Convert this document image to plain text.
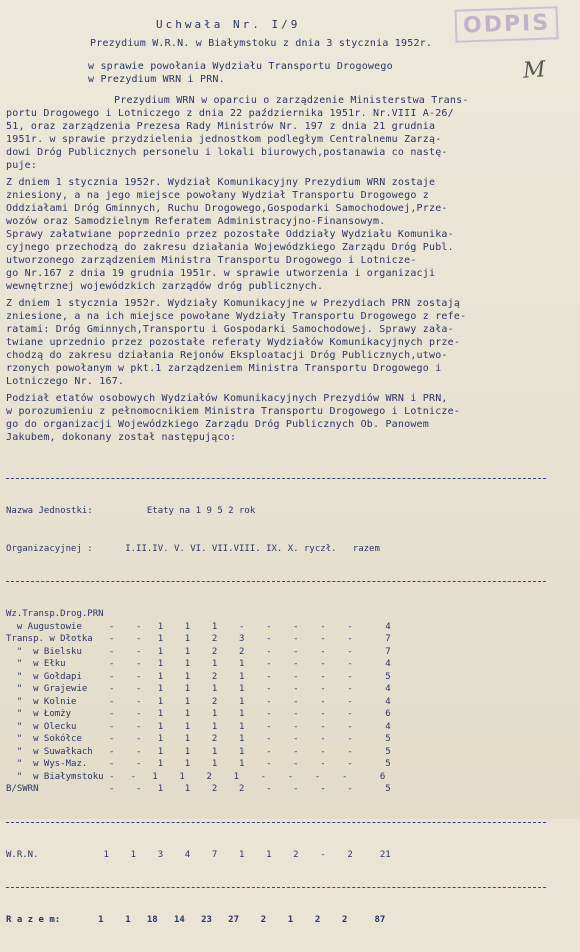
ODPIS
M
Uchwała Nr. I/9
Prezydium W.R.N. w Białymstoku z dnia 3 stycznia 1952r.
w sprawie powołania Wydziału Transportu Drogowego
w Prezydium WRN i PRN.
Prezydium WRN w oparciu o zarządzenie Ministerstwa Trans-
portu Drogowego i Lotniczego z dnia 22 października 1951r. Nr.VIII A-26/
51, oraz zarządzenia Prezesa Rady Ministrów Nr. 197 z dnia 21 grudnia
1951r. w sprawie przydzielenia jednostkom podległym Centralnemu Zarzą-
dowi Dróg Publicznych personelu i lokali biurowych,postanawia co nastę-
puje:
Z dniem 1 stycznia 1952r. Wydział Komunikacyjny Prezydium WRN zostaje
zniesiony, a na jego miejsce powołany Wydział Transportu Drogowego z
Oddziałami Dróg Gminnych, Ruchu Drogowego,Gospodarki Samochodowej,Prze-
wozów oraz Samodzielnym Referatem Administracyjno-Finansowym.
Sprawy załatwiane poprzednio przez pozostałe Oddziały Wydziału Komunika-
cyjnego przechodzą do zakresu działania Wojewódzkiego Zarządu Dróg Publ.
utworzonego zarządzeniem Ministra Transportu Drogowego i Lotnicze-
go Nr.167 z dnia 19 grudnia 1951r. w sprawie utworzenia i organizacji
wewnętrznej wojewódzkich zarządów dróg publicznych.
Z dniem 1 stycznia 1952r. Wydziały Komunikacyjne w Prezydiach PRN zostają
zniesione, a na ich miejsce powołane Wydziały Transportu Drogowego z refe-
ratami: Dróg Gminnych,Transportu i Gospodarki Samochodowej. Sprawy zała-
twiane uprzednio przez pozostałe referaty Wydziałów Komunikacyjnych prze-
chodzą do zakresu działania Rejonów Eksploatacji Dróg Publicznych,utwo-
rzonych powołanym w pkt.1 zarządzeniem Ministra Transportu Drogowego i
Lotniczego Nr. 167.
Podział etatów osobowych Wydziałów Komunikacyjnych Prezydiów WRN i PRN,
w porozumieniu z pełnomocnikiem Ministra Transportu Drogowego i Lotnicze-
go do organizacji Wojewódzkiego Zarządu Dróg Publicznych Ob. Panowem
Jakubem, dokonany został następująco:

Nazwa Jednostki:          Etaty na 1 9 5 2 rok

Organizacyjnej :      I.II.IV. V. VI. VII.VIII. IX. X. ryczł.   razem

Wz.Transp.Drog.PRN
w Augustowie     -    -   1    1    1    -    -    -    -    -      4
Transp. w Dłotka   -    -   1    1    2    3    -    -    -    -      7
"  w Bielsku     -    -   1    1    2    2    -    -    -    -      7
"  w Ełku        -    -   1    1    1    1    -    -    -    -      4
"  w Gołdapi     -    -   1    1    2    1    -    -    -    -      5
"  w Grajewie    -    -   1    1    1    1    -    -    -    -      4
"  w Kolnie      -    -   1    1    2    1    -    -    -    -      4
"  w Łomży       -    -   1    1    1    1    -    -    -    -      6
"  w Olecku      -    -   1    1    1    1    -    -    -    -      4
"  w Sokółce     -    -   1    1    2    1    -    -    -    -      5
"  w Suwałkach   -    -   1    1    1    1    -    -    -    -      5
"  w Wys-Maz.    -    -   1    1    1    1    -    -    -    -      5
"  w Białymstoku -   -   1    1    2    1    -    -    -    -      6
B/SWRN             -    -   1    1    2    2    -    -    -    -      5

W.R.N.            1    1    3    4    7    1    1    2    -    2     21

R a z e m:       1    1   18   14   23   27    2    1    2    2     87
